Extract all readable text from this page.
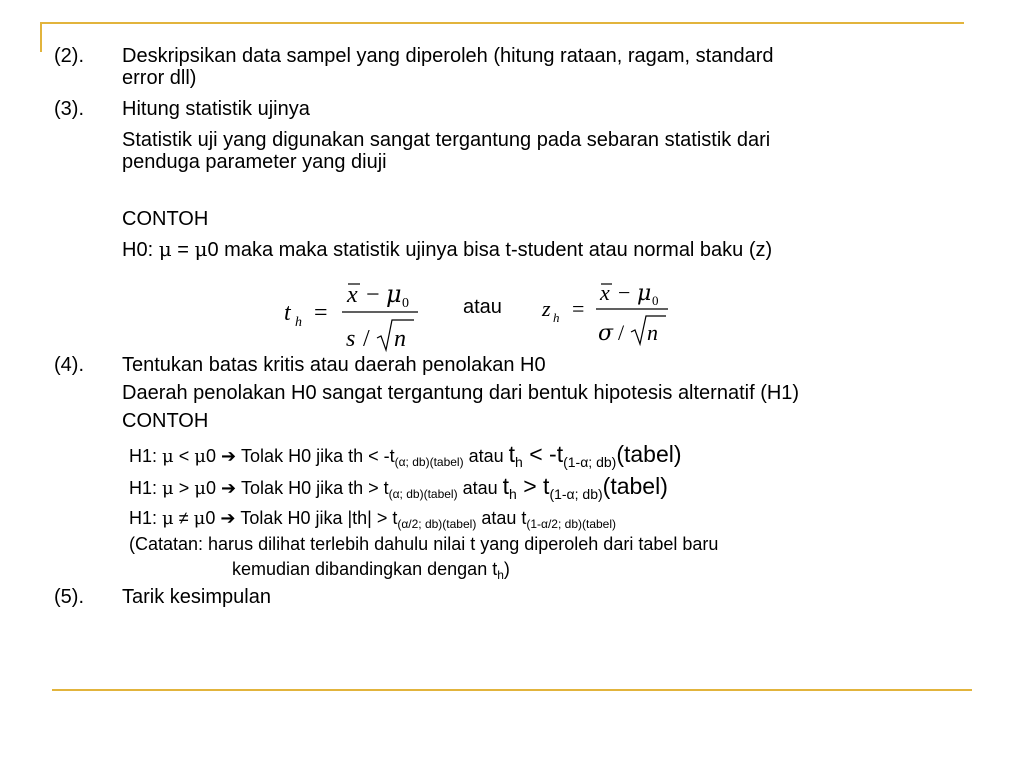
(2). Deskripsikan data sampel yang diperoleh (hitung rataan, ragam, standard
error dll)
(3). Hitung statistik ujinya
Statistik uji yang digunakan sangat tergantung pada sebaran statistik dari
penduga parameter yang diuji
CONTOH
H0: μ = μ0 maka maka statistik ujinya bisa t-student atau normal baku (z)
t h =
x − μ 0
s / n
atau z h =
x − μ 0
σ / n
(4). Tentukan batas kritis atau daerah penolakan H0
Daerah penolakan H0 sangat tergantung dari bentuk hipotesis alternatif (H1)
CONTOH
H1: μ < μ0 ➔ Tolak H0 jika th < $-t_{(\alpha; db)(tabel)}$ atau $t_h$ < $-t_{(1-\alpha; db)}(tabel)$
H1: μ > μ0 ➔ Tolak H0 jika th > $t_{(\alpha; db)(tabel)}$ atau $t_h$ > $t_{(1-\alpha; db)}(tabel)$
H1: μ ≠ μ0 ➔ Tolak H0 jika $|th| > t_{(\alpha/2; db)(tabel)}$ atau $t_{(1-\alpha/2; db)(tabel)}$
(Catatan: harus dilihat terlebih dahulu nilai t yang diperoleh dari tabel baru
kemudian dibandingkan dengan $t_h$)
(5). Tarik kesimpulan
